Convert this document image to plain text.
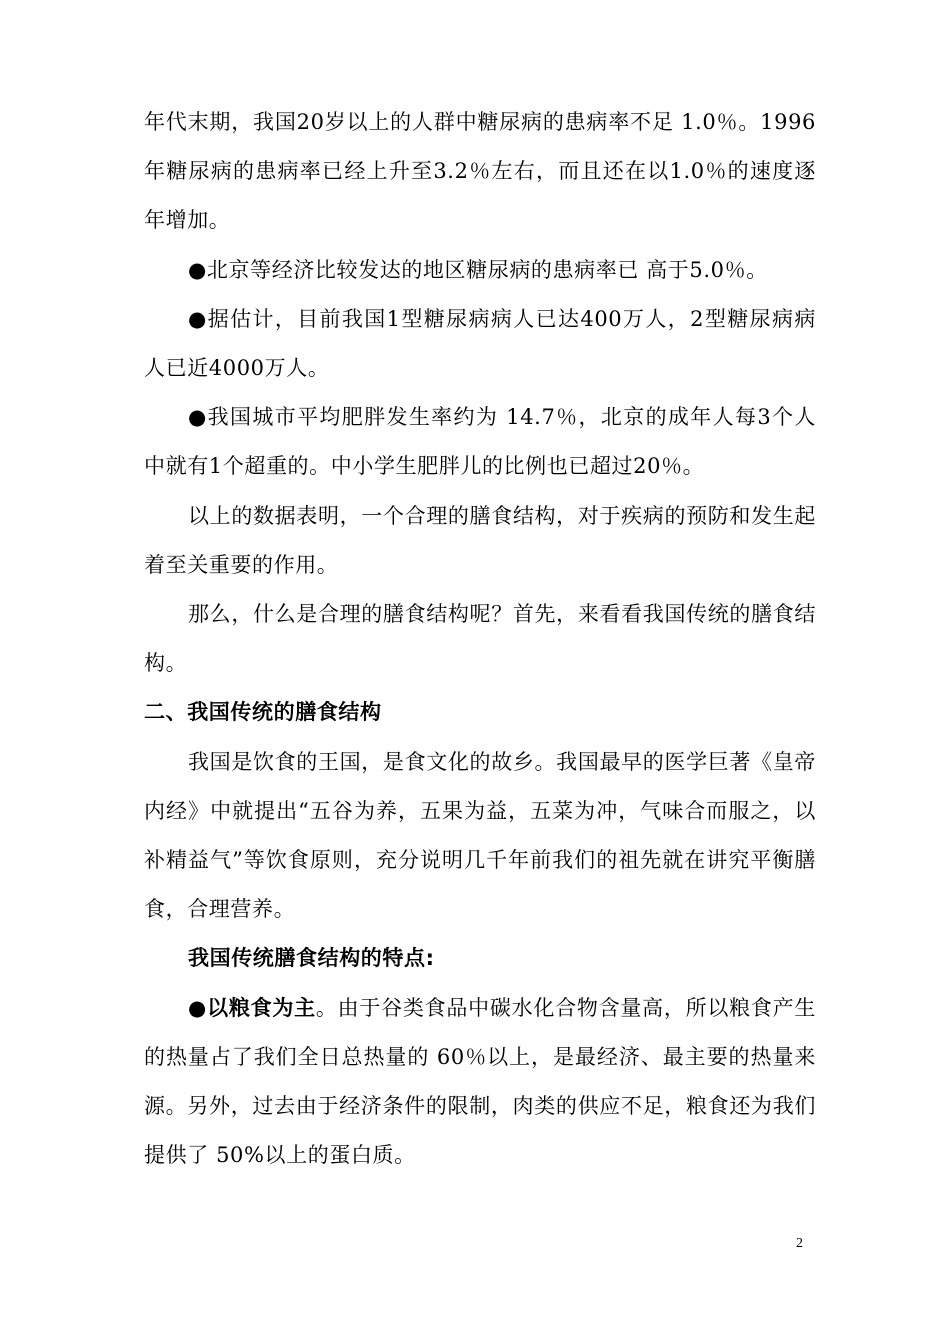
年代末期，我国20岁以上的人群中糖尿病的患病率不足 1.0％。1996年糖尿病的患病率已经上升至3.2％左右，而且还在以1.0％的速度逐年增加。

●北京等经济比较发达的地区糖尿病的患病率已 高于5.0％。

●据估计，目前我国1型糖尿病病人已达400万人，2型糖尿病病人已近4000万人。

●我国城市平均肥胖发生率约为 14.7％，北京的成年人每3个人中就有1个超重的。中小学生肥胖儿的比例也已超过20％。

以上的数据表明，一个合理的膳食结构，对于疾病的预防和发生起着至关重要的作用。

那么，什么是合理的膳食结构呢？首先，来看看我国传统的膳食结构。

二、我国传统的膳食结构

我国是饮食的王国，是食文化的故乡。我国最早的医学巨著《皇帝内经》中就提出“五谷为养，五果为益，五菜为冲，气味合而服之，以补精益气”等饮食原则，充分说明几千年前我们的祖先就在讲究平衡膳食，合理营养。

我国传统膳食结构的特点:

●以粮食为主。由于谷类食品中碳水化合物含量高，所以粮食产生的热量占了我们全日总热量的 60％以上，是最经济、最主要的热量来源。另外，过去由于经济条件的限制，肉类的供应不足，粮食还为我们提供了 50%以上的蛋白质。

2
